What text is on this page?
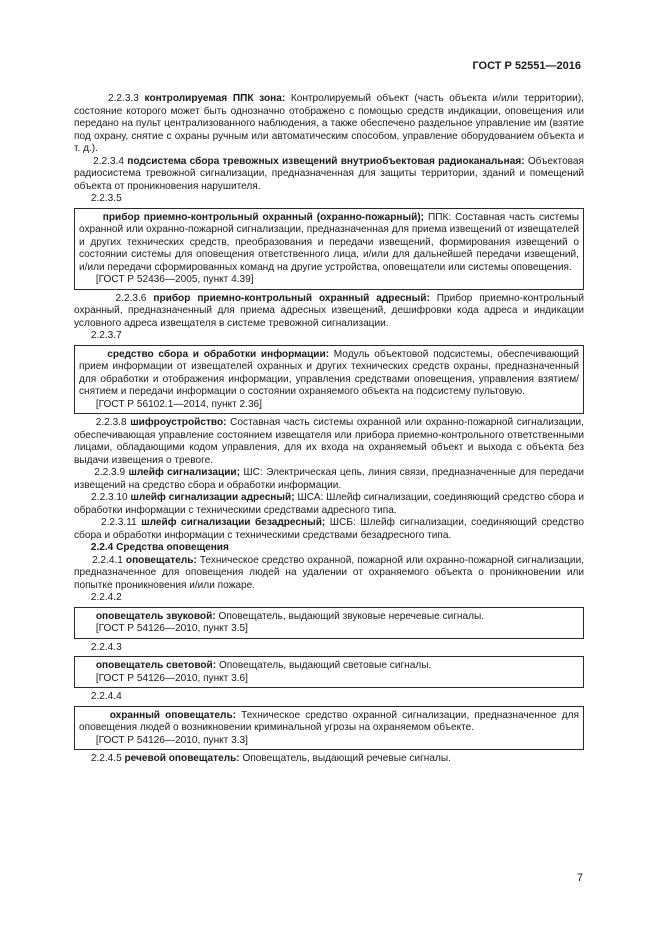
ГОСТ Р 52551—2016

2.2.3.3 контролируемая ППК зона: Контролируемый объект (часть объекта и/или территории), состояние которого может быть однозначно отображено с помощью средств индикации, оповещения или передано на пульт централизованного наблюдения, а также обеспечено раздельное управление им (взятие под охрану, снятие с охраны ручным или автоматическим способом, управление оборудованием объекта и т. д.).

2.2.3.4 подсистема сбора тревожных извещений внутриобъектовая радиоканальная: Объектовая радиосистема тревожной сигнализации, предназначенная для защиты территории, зданий и помещений объекта от проникновения нарушителя.

2.2.3.5

прибор приемно-контрольный охранный (охранно-пожарный); ППК: Составная часть системы охранной или охранно-пожарной сигнализации, предназначенная для приема извещений от извещателей и других технических средств, преобразования и передачи извещений, формирования извещений о состоянии системы для оповещения ответственного лица, и/или для дальнейшей передачи извещений, и/или передачи сформированных команд на другие устройства, оповещатели или системы оповещения.

[ГОСТ Р 52436—2005, пункт 4.39]

2.2.3.6 прибор приемно-контрольный охранный адресный: Прибор приемно-контрольный охранный, предназначенный для приема адресных извещений, дешифровки кода адреса и индикации условного адреса извещателя в системе тревожной сигнализации.

2.2.3.7

средство сбора и обработки информации: Модуль объектовой подсистемы, обеспечивающий прием информации от извещателей охранных и других технических средств охраны, предназначенный для обработки и отображения информации, управления средствами оповещения, управления взятием/снятием и передачи информации о состоянии охраняемого объекта на подсистему пультовую.

[ГОСТ Р 56102.1—2014, пункт 2.36]

2.2.3.8 шифроустройство: Составная часть системы охранной или охранно-пожарной сигнализации, обеспечивающая управление состоянием извещателя или прибора приемно-контрольного ответственными лицами, обладающими кодом управления, для их входа на охраняемый объект и выхода с объекта без выдачи извещения о тревоге.

2.2.3.9 шлейф сигнализации; ШС: Электрическая цепь, линия связи, предназначенные для передачи извещений на средство сбора и обработки информации.

2.2.3.10 шлейф сигнализации адресный; ШСА: Шлейф сигнализации, соединяющий средство сбора и обработки информации с техническими средствами адресного типа.

2.2.3.11 шлейф сигнализации безадресный; ШСБ: Шлейф сигнализации, соединяющий средство сбора и обработки информации с техническими средствами безадресного типа.

2.2.4 Средства оповещения

2.2.4.1 оповещатель: Техническое средство охранной, пожарной или охранно-пожарной сигнализации, предназначенное для оповещения людей на удалении от охраняемого объекта о проникновении или попытке проникновения и/или пожаре.

2.2.4.2

оповещатель звуковой: Оповещатель, выдающий звуковые неречевые сигналы.

[ГОСТ Р 54126—2010, пункт 3.5]

2.2.4.3

оповещатель световой: Оповещатель, выдающий световые сигналы.

[ГОСТ Р 54126—2010, пункт 3.6]

2.2.4.4

охранный оповещатель: Техническое средство охранной сигнализации, предназначенное для оповещения людей о возникновении криминальной угрозы на охраняемом объекте.

[ГОСТ Р 54126—2010, пункт 3.3]

2.2.4.5 речевой оповещатель: Оповещатель, выдающий речевые сигналы.

7
